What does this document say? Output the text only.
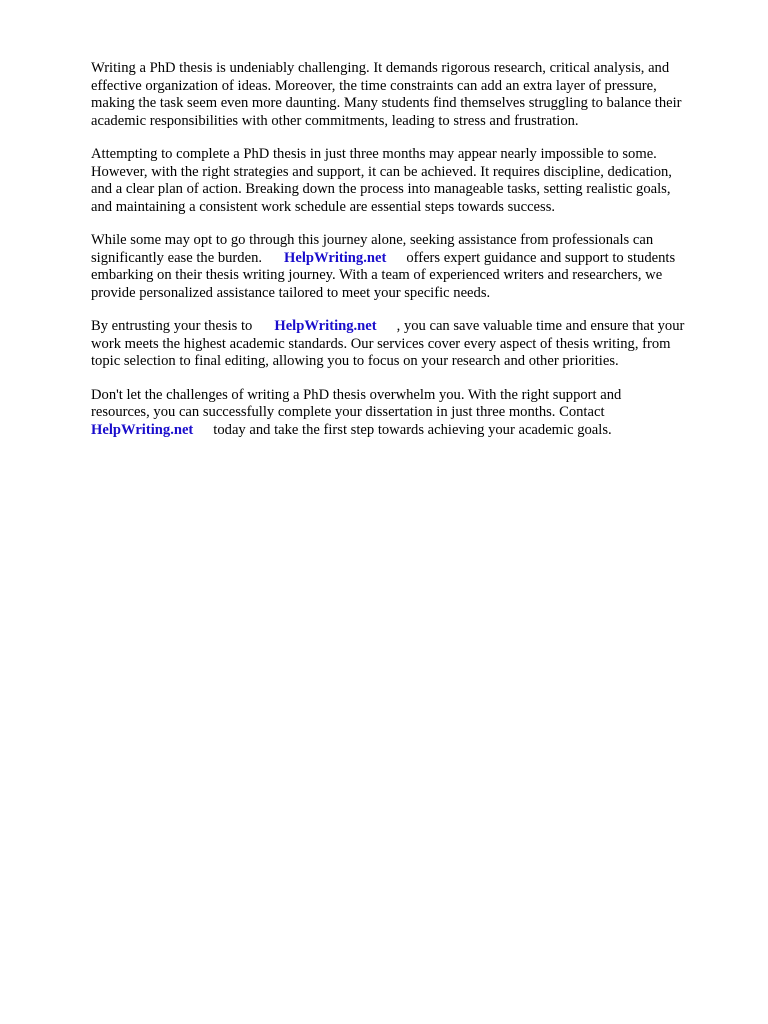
Writing a PhD thesis is undeniably challenging. It demands rigorous research, critical analysis, and
effective organization of ideas. Moreover, the time constraints can add an extra layer of pressure,
making the task seem even more daunting. Many students find themselves struggling to balance their
academic responsibilities with other commitments, leading to stress and frustration.

Attempting to complete a PhD thesis in just three months may appear nearly impossible to some.
However, with the right strategies and support, it can be achieved. It requires discipline, dedication,
and a clear plan of action. Breaking down the process into manageable tasks, setting realistic goals,
and maintaining a consistent work schedule are essential steps towards success.

While some may opt to go through this journey alone, seeking assistance from professionals can
significantly ease the burden. HelpWriting.net offers expert guidance and support to students
embarking on their thesis writing journey. With a team of experienced writers and researchers, we
provide personalized assistance tailored to meet your specific needs.

By entrusting your thesis to HelpWriting.net , you can save valuable time and ensure that your
work meets the highest academic standards. Our services cover every aspect of thesis writing, from
topic selection to final editing, allowing you to focus on your research and other priorities.

Don't let the challenges of writing a PhD thesis overwhelm you. With the right support and
resources, you can successfully complete your dissertation in just three months. Contact
HelpWriting.net today and take the first step towards achieving your academic goals.
